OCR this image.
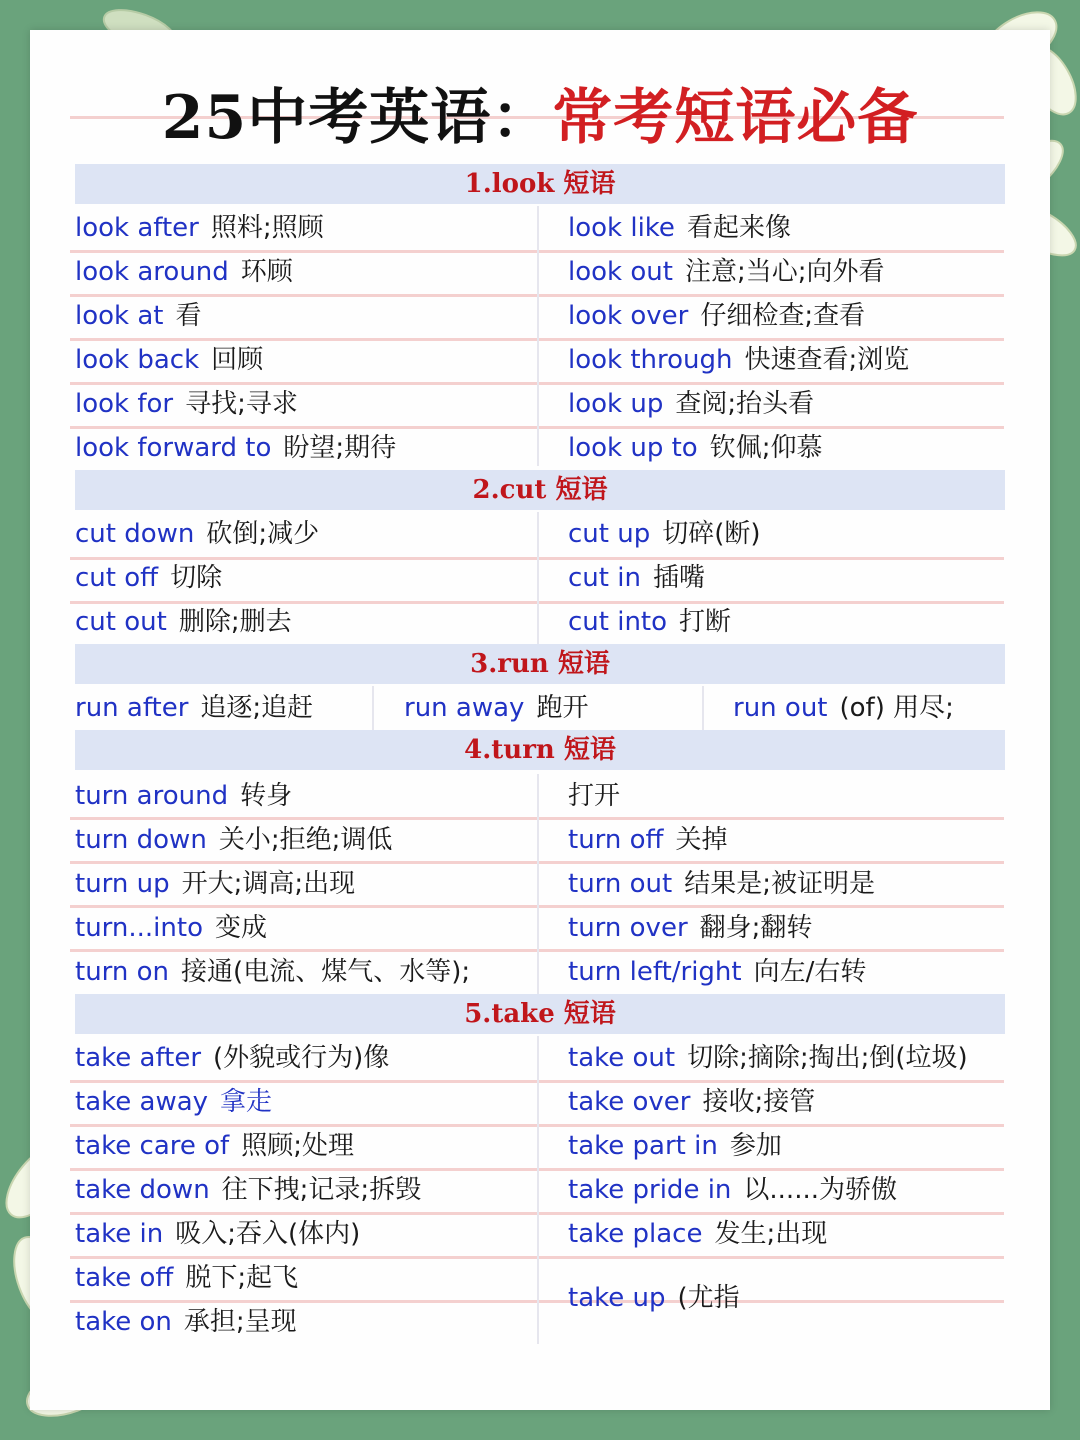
25中考英语：常考短语必备
1.look 短语
look after 照料;照顾
look around 环顾
look at 看
look back 回顾
look for 寻找;寻求
look forward to 盼望;期待
look like 看起来像
look out 注意;当心;向外看
look over 仔细检查;查看
look through 快速查看;浏览
look up 查阅;抬头看
look up to 钦佩;仰慕
2.cut 短语
cut down 砍倒;减少
cut off 切除
cut out 删除;删去
cut up 切碎(断)
cut in 插嘴
cut into 打断
3.run 短语
run after 追逐;追赶	run away 跑开	run out (of) 用尽;
4.turn 短语
turn around 转身
turn down 关小;拒绝;调低
turn up 开大;调高;出现
turn...into 变成
turn on 接通(电流、煤气、水等);
打开
turn off 关掉
turn out 结果是;被证明是
turn over 翻身;翻转
turn left/right 向左/右转
5.take 短语
take after (外貌或行为)像
take away 拿走
take care of 照顾;处理
take down 往下拽;记录;拆毁
take in 吸入;吞入(体内)
take off 脱下;起飞
take on 承担;呈现
take out 切除;摘除;掏出;倒(垃圾)
take over 接收;接管
take part in 参加
take pride in 以......为骄傲
take place 发生;出现
take up (尤指
